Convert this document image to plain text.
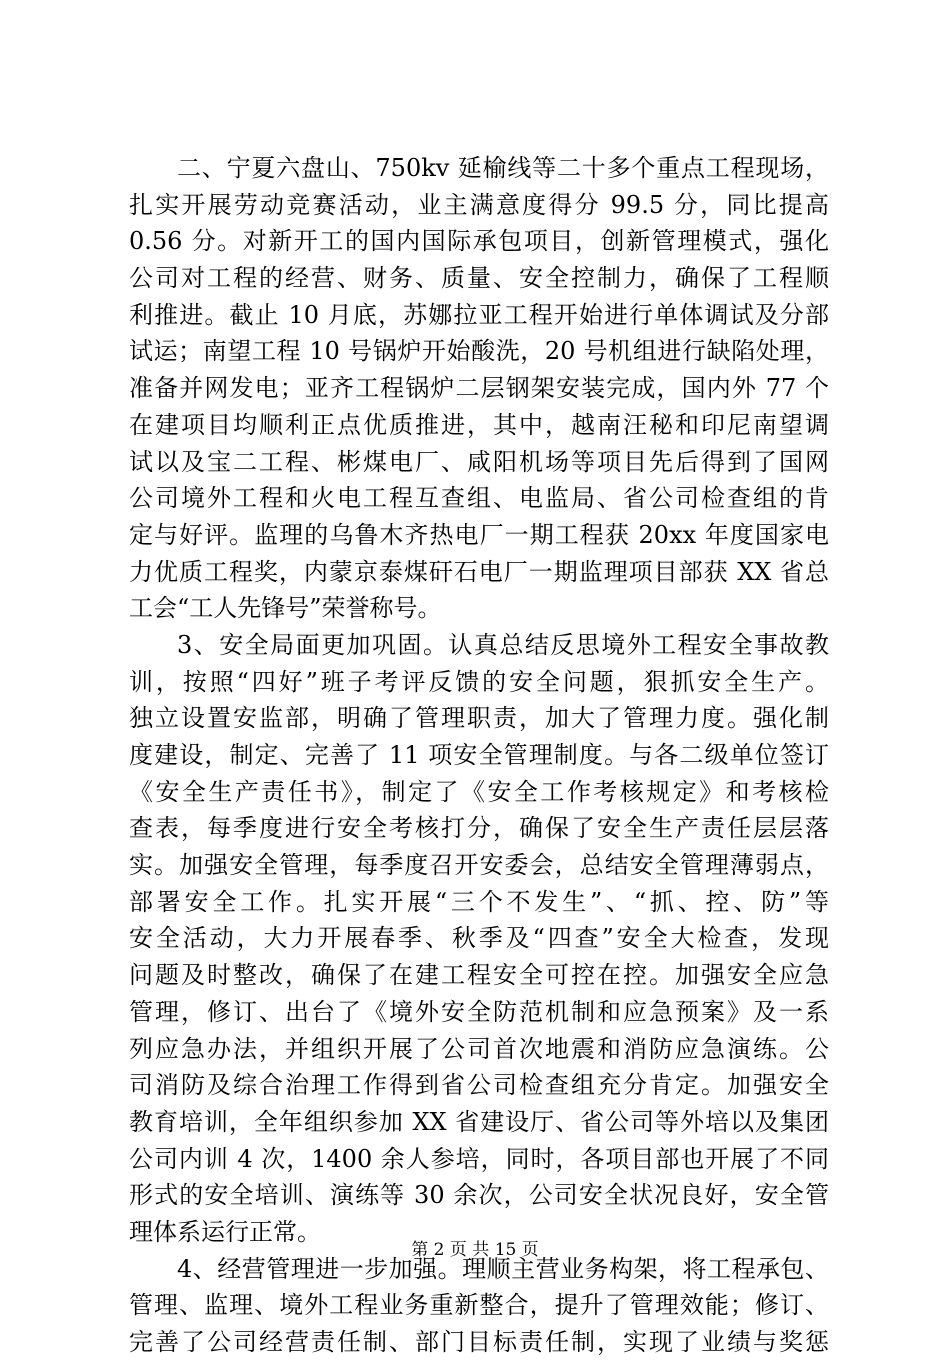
二、宁夏六盘山、750kv 延榆线等二十多个重点工程现场，
扎实开展劳动竞赛活动，业主满意度得分 99.5 分，同比提高
0.56 分。对新开工的国内国际承包项目，创新管理模式，强化
公司对工程的经营、财务、质量、安全控制力，确保了工程顺
利推进。截止 10 月底，苏娜拉亚工程开始进行单体调试及分部
试运；南望工程 10 号锅炉开始酸洗，20 号机组进行缺陷处理，
准备并网发电；亚齐工程锅炉二层钢架安装完成，国内外 77 个
在建项目均顺利正点优质推进，其中，越南汪秘和印尼南望调
试以及宝二工程、彬煤电厂、咸阳机场等项目先后得到了国网
公司境外工程和火电工程互查组、电监局、省公司检查组的肯
定与好评。监理的乌鲁木齐热电厂一期工程获 20xx 年度国家电
力优质工程奖，内蒙京泰煤矸石电厂一期监理项目部获 XX 省总
工会“工人先锋号”荣誉称号。
3、安全局面更加巩固。认真总结反思境外工程安全事故教
训，按照“四好”班子考评反馈的安全问题，狠抓安全生产。
独立设置安监部，明确了管理职责，加大了管理力度。强化制
度建设，制定、完善了 11 项安全管理制度。与各二级单位签订
《安全生产责任书》，制定了《安全工作考核规定》和考核检
查表，每季度进行安全考核打分，确保了安全生产责任层层落
实。加强安全管理，每季度召开安委会，总结安全管理薄弱点，
部署安全工作。扎实开展“三个不发生”、“抓、控、防”等
安全活动，大力开展春季、秋季及“四查”安全大检查，发现
问题及时整改，确保了在建工程安全可控在控。加强安全应急
管理，修订、出台了《境外安全防范机制和应急预案》及一系
列应急办法，并组织开展了公司首次地震和消防应急演练。公
司消防及综合治理工作得到省公司检查组充分肯定。加强安全
教育培训，全年组织参加 XX 省建设厅、省公司等外培以及集团
公司内训 4 次，1400 余人参培，同时，各项目部也开展了不同
形式的安全培训、演练等 30 余次，公司安全状况良好，安全管
理体系运行正常。
4、经营管理进一步加强。理顺主营业务构架，将工程承包、
管理、监理、境外工程业务重新整合，提升了管理效能；修订、
完善了公司经营责任制、部门目标责任制，实现了业绩与奖惩
第 2 页 共 15 页
